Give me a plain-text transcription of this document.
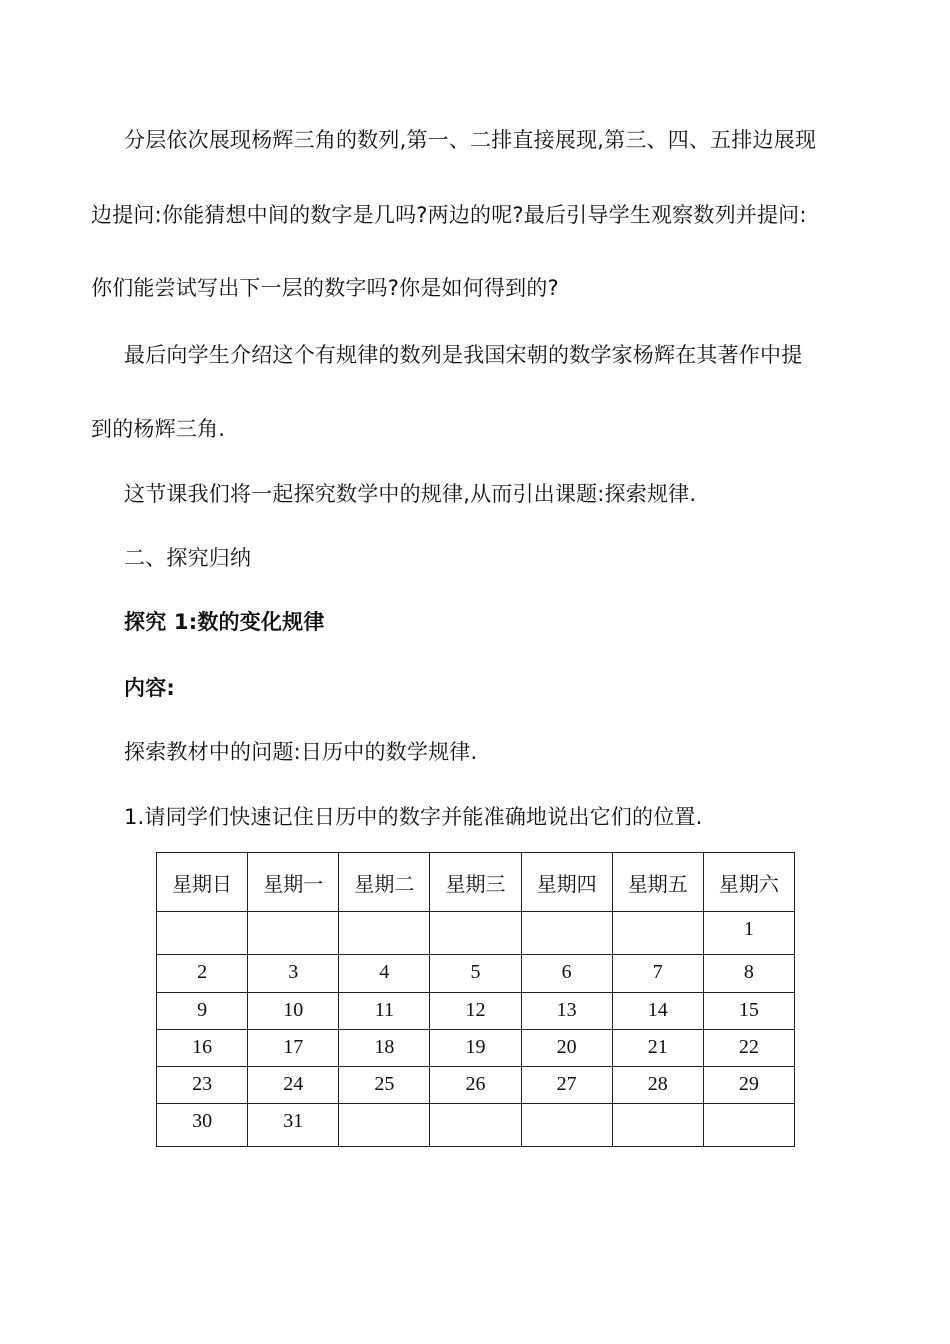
分层依次展现杨辉三角的数列,第一、二排直接展现,第三、四、五排边展现
边提问:你能猜想中间的数字是几吗?两边的呢?最后引导学生观察数列并提问:
你们能尝试写出下一层的数字吗?你是如何得到的?
最后向学生介绍这个有规律的数列是我国宋朝的数学家杨辉在其著作中提
到的杨辉三角.
这节课我们将一起探究数学中的规律,从而引出课题:探索规律.
二、探究归纳
探究 1:数的变化规律
内容:
探索教材中的问题:日历中的数学规律.
1.请同学们快速记住日历中的数字并能准确地说出它们的位置.
星期日	星期一	星期二	星期三	星期四	星期五	星期六
						1
2	3	4	5	6	7	8
9	10	11	12	13	14	15
16	17	18	19	20	21	22
23	24	25	26	27	28	29
30	31					
